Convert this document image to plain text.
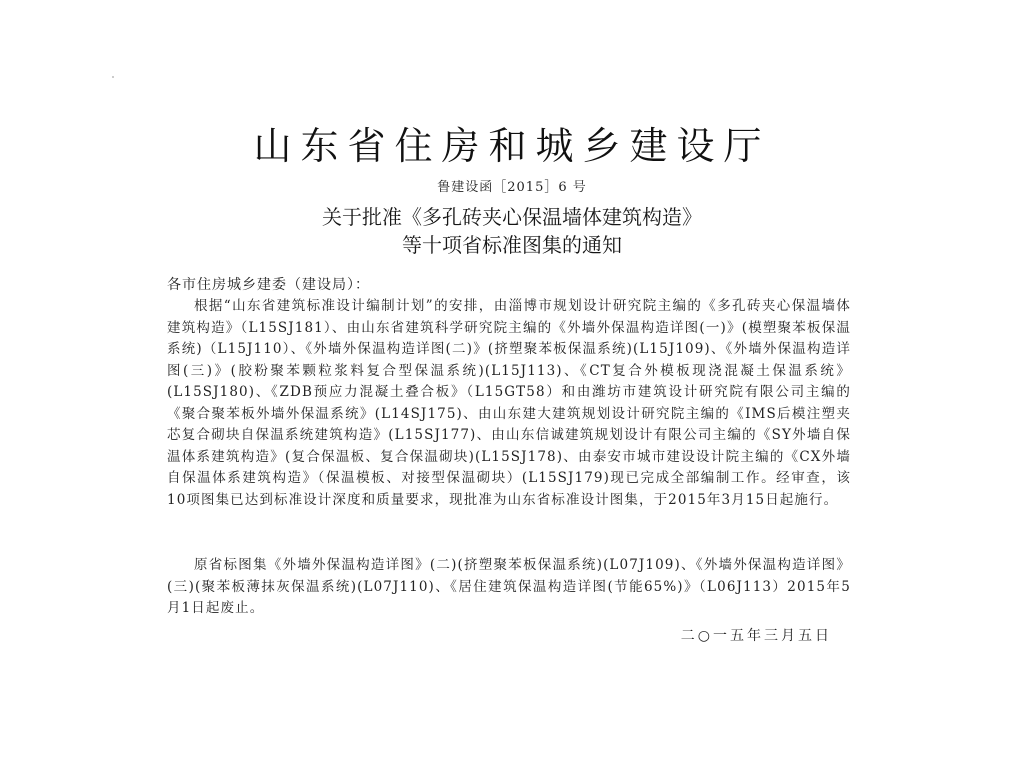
山东省住房和城乡建设厅
鲁建设函［2015］6 号
关于批准《多孔砖夹心保温墙体建筑构造》
等十项省标准图集的通知
各市住房城乡建委（建设局）：
根据“山东省建筑标准设计编制计划”的安排，由淄博市规划设计研究院主编的《多孔砖夹心保温墙体建筑构造》（L15SJ181）、由山东省建筑科学研究院主编的《外墙外保温构造详图(一)》(模塑聚苯板保温系统)（L15J110）、《外墙外保温构造详图(二)》(挤塑聚苯板保温系统)(L15J109)、《外墙外保温构造详图(三)》(胶粉聚苯颗粒浆料复合型保温系统)(L15J113)、《CT复合外模板现浇混凝土保温系统》(L15SJ180)、《ZDB预应力混凝土叠合板》（L15GT58）和由潍坊市建筑设计研究院有限公司主编的《聚合聚苯板外墙外保温系统》(L14SJ175)、由山东建大建筑规划设计研究院主编的《IMS后模注塑夹芯复合砌块自保温系统建筑构造》(L15SJ177)、由山东信诚建筑规划设计有限公司主编的《SY外墙自保温体系建筑构造》(复合保温板、复合保温砌块)(L15SJ178)、由泰安市城市建设设计院主编的《CX外墙自保温体系建筑构造》（保温模板、对接型保温砌块）(L15SJ179)现已完成全部编制工作。经审查，该10项图集已达到标准设计深度和质量要求，现批准为山东省标准设计图集，于2015年3月15日起施行。
原省标图集《外墙外保温构造详图》(二)(挤塑聚苯板保温系统)(L07J109)、《外墙外保温构造详图》(三)(聚苯板薄抹灰保温系统)(L07J110)、《居住建筑保温构造详图(节能65%)》（L06J113）2015年5月1日起废止。
二○一五年三月五日
